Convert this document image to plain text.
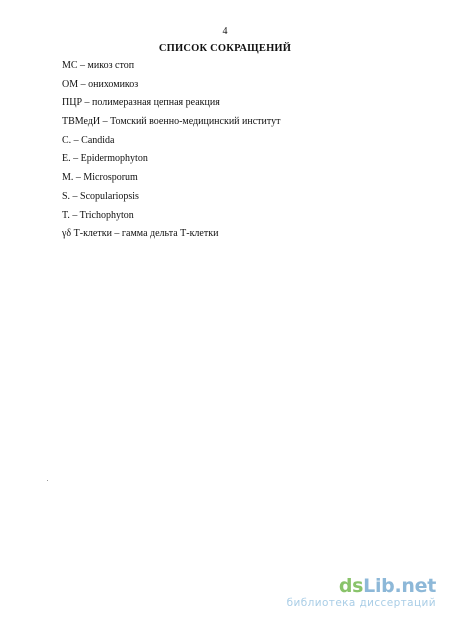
4
СПИСОК СОКРАЩЕНИЙ
МС – микоз стоп
ОМ – онихомикоз
ПЦР – полимеразная цепная реакция
ТВМедИ – Томский военно-медицинский институт
C. – Candida
E. – Epidermophyton
M. – Microsporum
S. – Scopulariopsis
T. – Trichophyton
γδ Т-клетки – гамма дельта Т-клетки
dsLib.net
библиотека диссертаций
